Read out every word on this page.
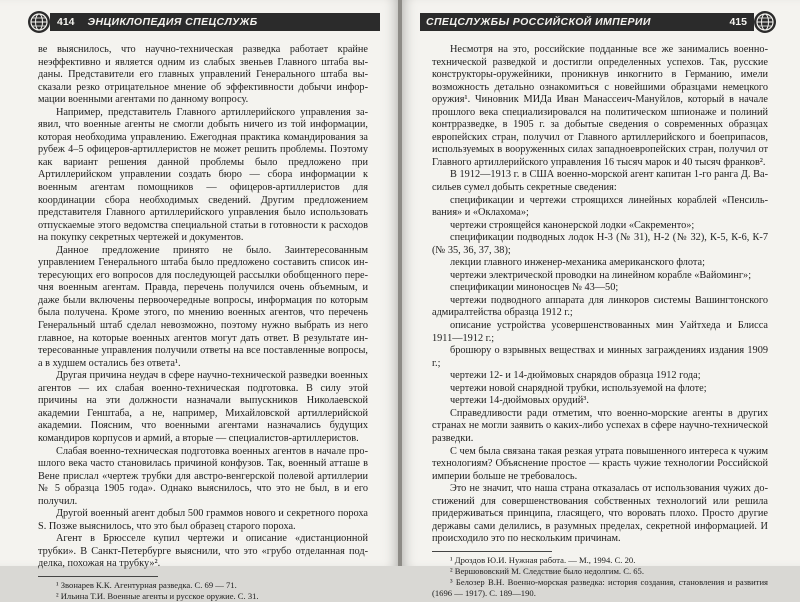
414	ЭНЦИКЛОПЕДИЯ СПЕЦСЛУЖБ

ве выяснилось, что научно-техническая разведка работает крайне неэффективно и является одним из слабых звеньев Главного штаба выданы. Представители его главных управлений Генерального штаба высказали резко отрицательное мнение об эффективности добычи информации военными агентами по данному вопросу.

Например, представитель Главного артиллерийского управления заявил, что военные агенты не смогли добыть ничего из той информации, которая необходима управлению. Ежегодная практика командирования за рубеж 4–5 офицеров-артиллеристов не может решить проблемы. Поэтому как вариант решения данной проблемы было предложено при Артиллерийском управлении создать бюро — сбора информации к военным агентам помощников — офицеров-артиллеристов для координации сбора необходимых сведений. Другим предложением представителя Главного артиллерийского управления было использовать отпускаемые этого ведомства специальной статьи в готовности к расходов на покупку секретных чертежей и документов.

Данное предложение принято не было. Заинтересованным управлением Генерального штаба было предложено составить список интересующих его вопросов для последующей рассылки обобщенного перечня военным агентам. Правда, перечень получился очень объемным, и даже были включены первоочередные вопросы, информация по которым была получена. Кроме этого, по мнению военных агентов, что перечень Генеральный штаб сделал невозможно, поэтому нужно выбрать из него главное, на которые военных агентов могут дать ответ. В результате интересованные управления получили ответы на все поставленные вопросы, а в худшем остались без ответа¹.

Другая причина неудач в сфере научно-технической разведки военных агентов — их слабая военно-техническая подготовка. В силу этой причины на эти должности назначали выпускников Николаевской академии Генштаба, а не, например, Михайловской артиллерийской академии. Поясним, что военными агентами назначались будущих командиров корпусов и армий, а вторые — специалистов-артиллеристов.

Слабая военно-техническая подготовка военных агентов в начале прошлого века часто становилась причиной конфузов. Так, военный атташе в Вене прислал «чертеж трубки для австро-венгерской полевой артиллерии № 5 образца 1905 года». Однако выяснилось, что это не был, в и его получил.

Другой военный агент добыл 500 граммов нового и секретного пороха S. Позже выяснилось, что это был образец старого пороха.

Агент в Брюсселе купил чертежи и описание «дистанционной трубки». В Санкт-Петербурге выяснили, что это «грубо отделанная подделка, похожая на трубку»².

¹ Звонарев К.К. Агентурная разведка. С. 69 — 71.

² Ильина Т.И. Военные агенты и русское оружие. С. 31.

СПЕЦСЛУЖБЫ РОССИЙСКОЙ ИМПЕРИИ	415

Несмотря на это, российские подданные все же занимались военнотехнической разведкой и достигли определенных успехов. Так, русские конструкторы-оружейники, проникнув инкогнито в Германию, имели возможность детально ознакомиться с новейшими образцами немецкого оружия¹. Чиновник МИДа Иван Манассеич-Мануйлов, который в начале прошлого века специализировался на политическом шпионаже и полиний контрразведке, в 1905 г. за добытые сведения о современных образцах европейских стран, получил от Главного артиллерийского и боеприпасов, используемых в вооруженных силах западноевропейских стран, получил от Главного артиллерийского управления 16 тысяч марок и 40 тысяч франков².

В 1912—1913 г. в США военно-морской агент капитан 1-го ранга Д. Васильев сумел добыть секретные сведения:

спецификации и чертежи строящихся линейных кораблей «Пенсильвания» и «Оклахома»;

чертежи строящейся канонерской лодки «Сакременто»;

спецификации подводных лодок Н-3 (№ 31), Н-2 (№ 32), К-5, К-6, К-7 (№ 35, 36, 37, 38);

лекции главного инженер-механика американского флота;

чертежи электрической проводки на линейном корабле «Вайоминг»;

спецификации миноносцев № 43—50;

чертежи подводного аппарата для линкоров системы Вашингтонского адмиралтейства образца 1912 г.;

описание устройства усовершенствованных мин Уайтхеда и Блисса 1911—1912 г.;

брошюру о взрывных веществах и минных заграждениях издания 1909 г.;

чертежи 12- и 14-дюймовых снарядов образца 1912 года;

чертежи новой снарядной трубки, используемой на флоте;

чертежи 14-дюймовых орудий³.

Справедливости ради отметим, что военно-морские агенты в других странах не могли заявить о каких-либо успехах в сфере научно-технической разведки.

С чем была связана такая резкая утрата повышенного интереса к чужим технологиям? Объяснение простое — красть чужие технологии Российской империи больше не требовалось.

Это не значит, что наша страна отказалась от использования чужих достижений для совершенствования собственных технологий или решила придерживаться принципа, гласящего, что воровать плохо. Просто другие державы сами делились, в разумных пределах, секретной информацией. И происходило это по нескольким причинам.

¹ Дроздов Ю.И. Нужная работа. — М., 1994. С. 20.

² Вершововский М. Следствие было недолгим. С. 65.

³ Белозер В.Н. Военно-морская разведка: история создания, становления и развития (1696 — 1917). С. 189—190.
